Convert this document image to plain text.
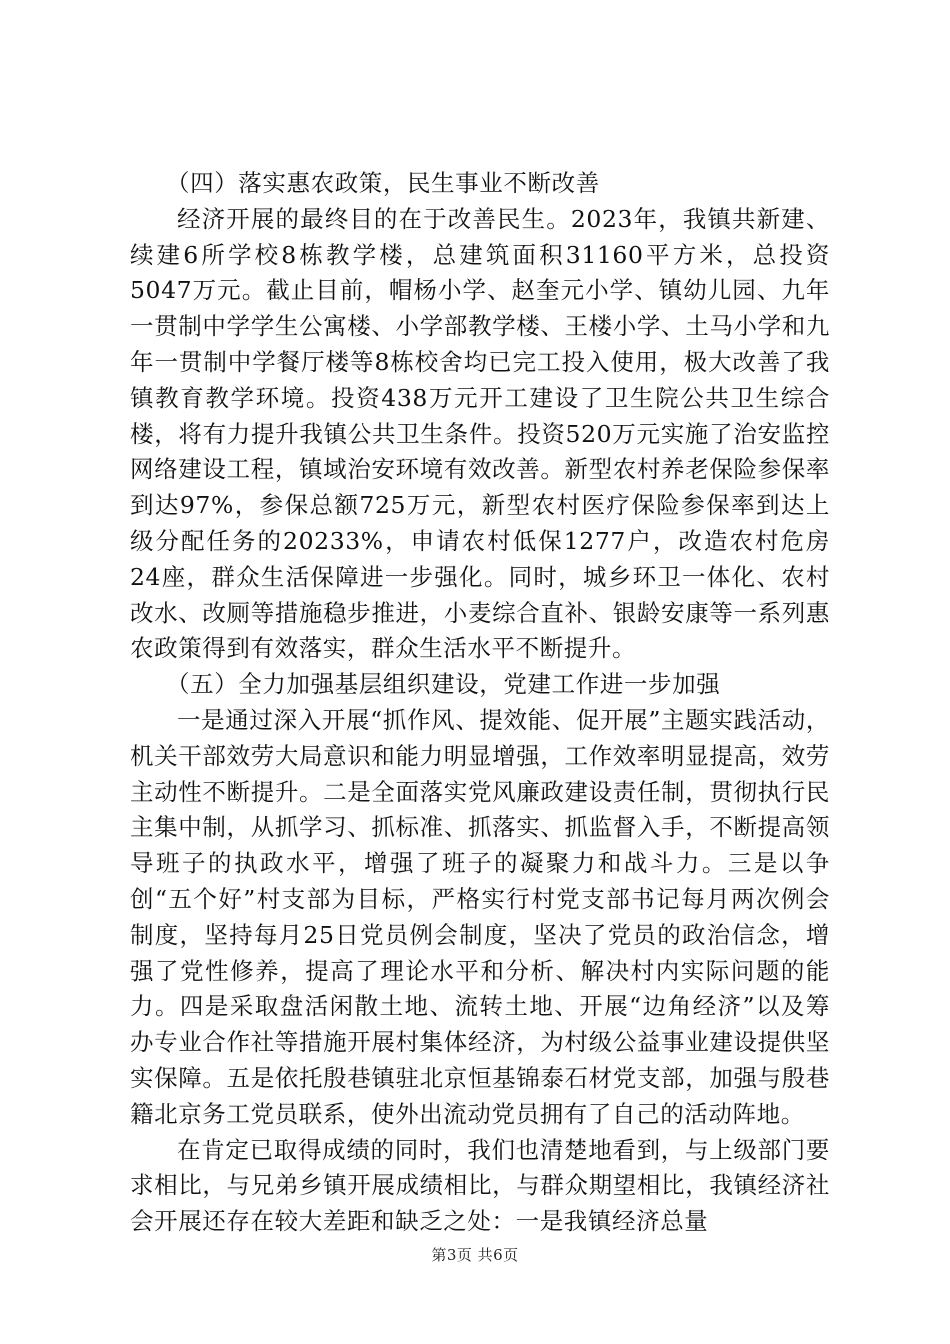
（四）落实惠农政策，民生事业不断改善

经济开展的最终目的在于改善民生。2023年，我镇共新建、续建6所学校8栋教学楼，总建筑面积31160平方米，总投资5047万元。截止目前，帽杨小学、赵奎元小学、镇幼儿园、九年一贯制中学学生公寓楼、小学部教学楼、王楼小学、土马小学和九年一贯制中学餐厅楼等8栋校舍均已完工投入使用，极大改善了我镇教育教学环境。投资438万元开工建设了卫生院公共卫生综合楼，将有力提升我镇公共卫生条件。投资520万元实施了治安监控网络建设工程，镇域治安环境有效改善。新型农村养老保险参保率到达97%，参保总额725万元，新型农村医疗保险参保率到达上级分配任务的20233%，申请农村低保1277户，改造农村危房24座，群众生活保障进一步强化。同时，城乡环卫一体化、农村改水、改厕等措施稳步推进，小麦综合直补、银龄安康等一系列惠农政策得到有效落实，群众生活水平不断提升。

（五）全力加强基层组织建设，党建工作进一步加强

一是通过深入开展“抓作风、提效能、促开展”主题实践活动，机关干部效劳大局意识和能力明显增强，工作效率明显提高，效劳主动性不断提升。二是全面落实党风廉政建设责任制，贯彻执行民主集中制，从抓学习、抓标准、抓落实、抓监督入手，不断提高领导班子的执政水平，增强了班子的凝聚力和战斗力。三是以争创“五个好”村支部为目标，严格实行村党支部书记每月两次例会制度，坚持每月25日党员例会制度，坚决了党员的政治信念，增强了党性修养，提高了理论水平和分析、解决村内实际问题的能力。四是采取盘活闲散土地、流转土地、开展“边角经济”以及筹办专业合作社等措施开展村集体经济，为村级公益事业建设提供坚实保障。五是依托殷巷镇驻北京恒基锦泰石材党支部，加强与殷巷籍北京务工党员联系，使外出流动党员拥有了自己的活动阵地。

在肯定已取得成绩的同时，我们也清楚地看到，与上级部门要求相比，与兄弟乡镇开展成绩相比，与群众期望相比，我镇经济社会开展还存在较大差距和缺乏之处：一是我镇经济总量

第3页 共6页
